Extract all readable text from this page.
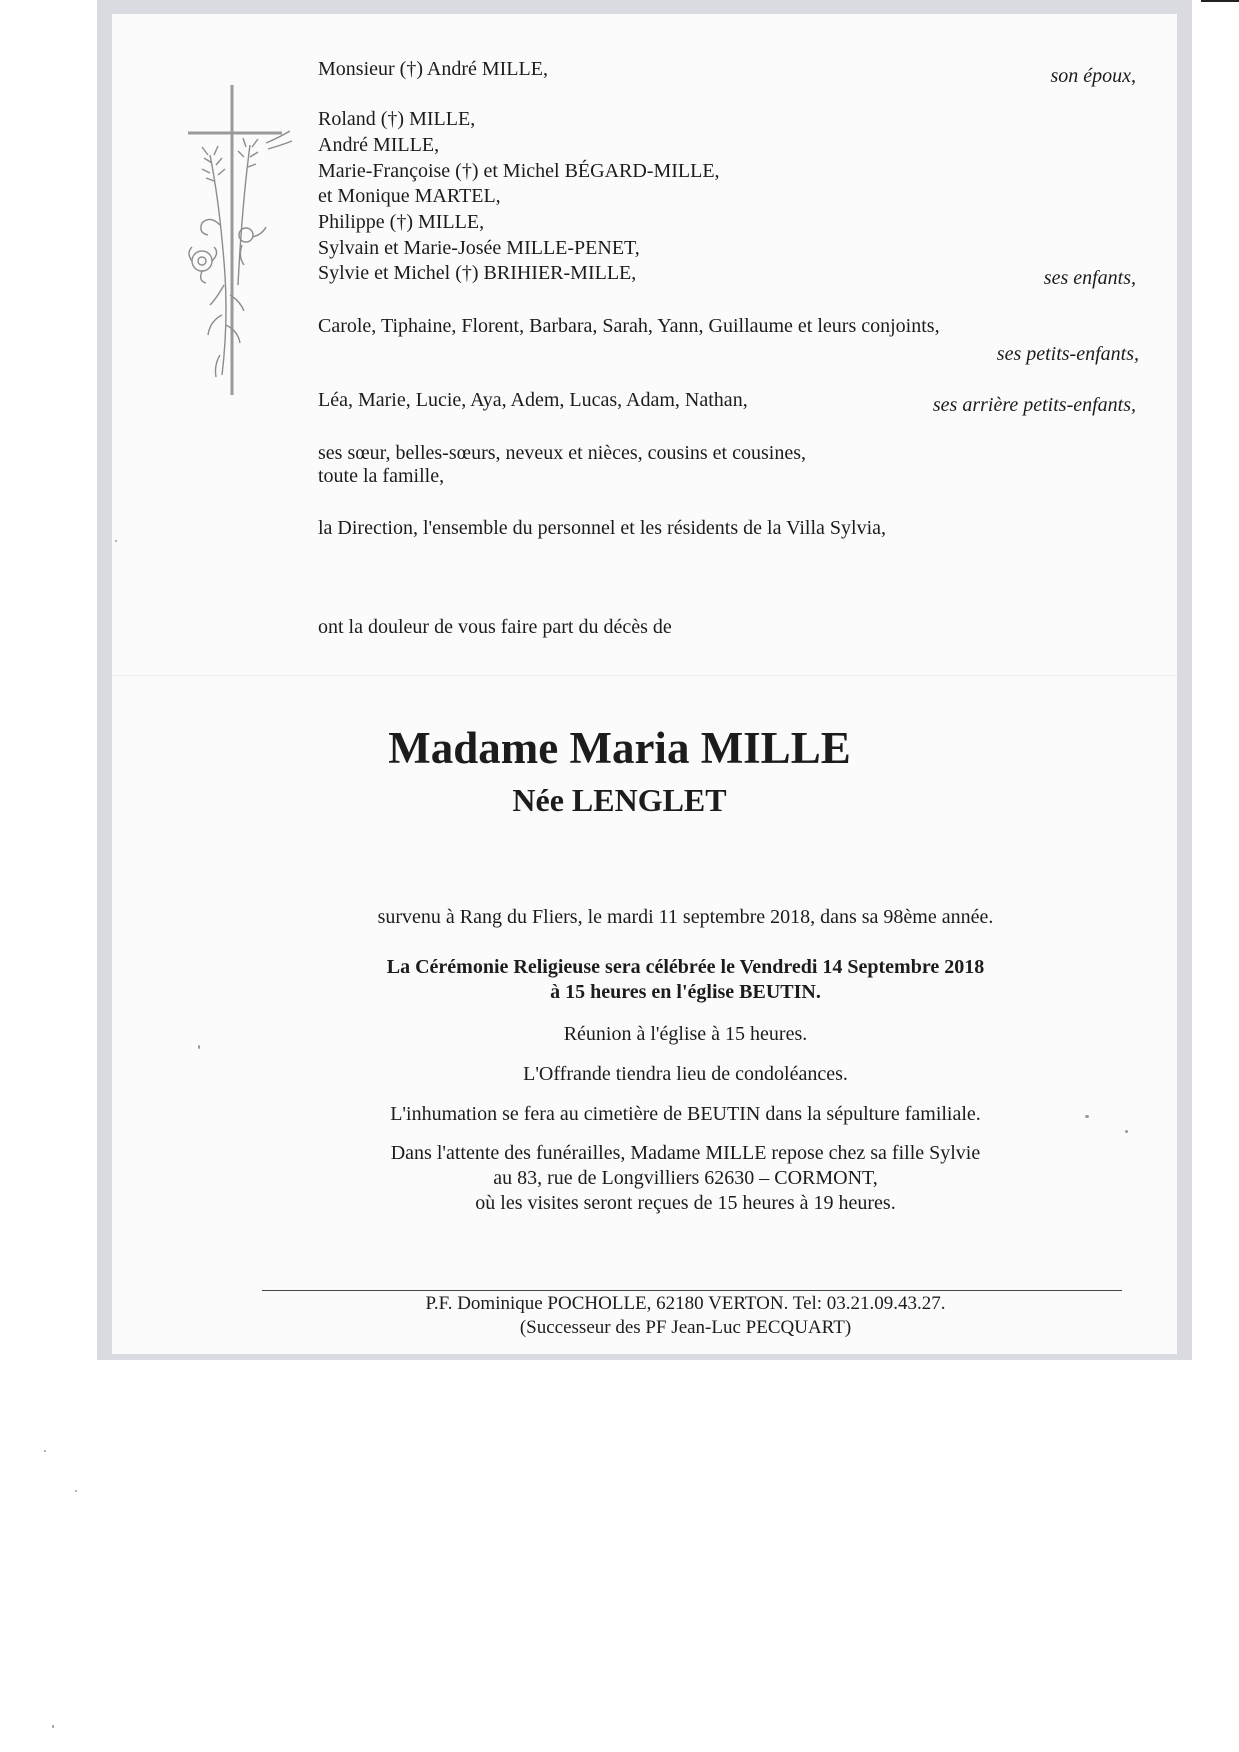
Monsieur (†) André MILLE,	son époux,

Roland (†) MILLE,

André MILLE,

Marie-Françoise (†) et Michel BÉGARD-MILLE,

et Monique MARTEL,

Philippe (†) MILLE,

Sylvain et Marie-Josée MILLE-PENET,

Sylvie et Michel (†) BRIHIER-MILLE,	ses enfants,

Carole, Tiphaine, Florent, Barbara, Sarah, Yann, Guillaume et leurs conjoints,

ses petits-enfants,

Léa, Marie, Lucie, Aya, Adem, Lucas, Adam, Nathan,	ses arrière petits-enfants,

ses sœur, belles-sœurs, neveux et nièces, cousins et cousines,

toute la famille,

la Direction, l'ensemble du personnel et les résidents de la Villa Sylvia,

ont la douleur de vous faire part du décès de

Madame Maria MILLE

Née LENGLET

survenu à Rang du Fliers, le mardi 11 septembre 2018, dans sa 98ème année.

La Cérémonie Religieuse sera célébrée le Vendredi 14 Septembre 2018

à 15 heures en l'église BEUTIN.

Réunion à l'église à 15 heures.

L'Offrande tiendra lieu de condoléances.

L'inhumation se fera au cimetière de BEUTIN dans la sépulture familiale.

Dans l'attente des funérailles, Madame MILLE repose chez sa fille Sylvie

au 83, rue de Longvilliers 62630 – CORMONT,

où les visites seront reçues de 15 heures à 19 heures.

P.F. Dominique POCHOLLE, 62180 VERTON. Tel: 03.21.09.43.27.

(Successeur des PF Jean-Luc PECQUART)
